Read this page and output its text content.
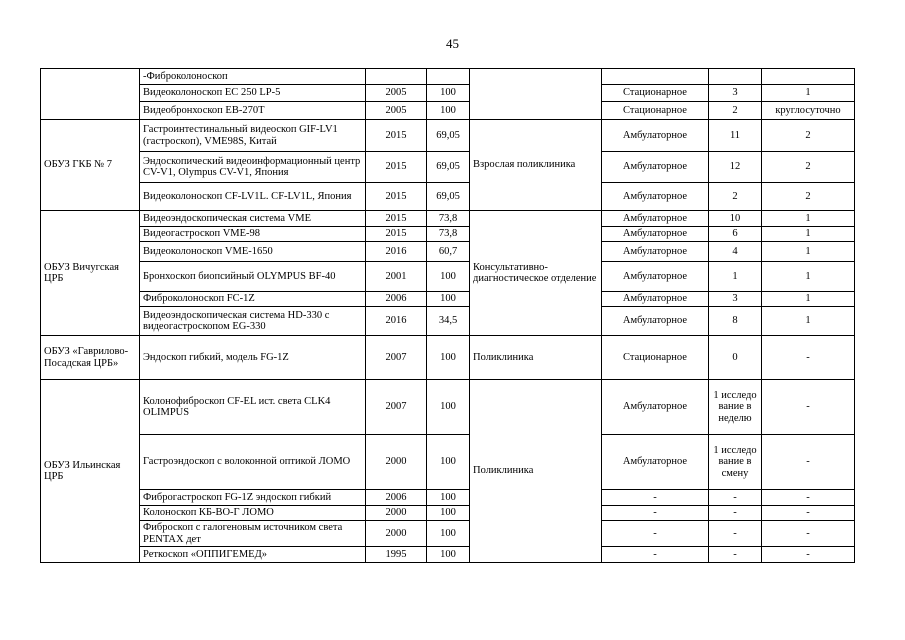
45
	-Фиброколоноскоп						
	Видеоколоноскоп EC 250 LP-5	2005	100		Стационарное	3	1
	Видеобронхоскоп EB-270T	2005	100		Стационарное	2	круглосуточно
ОБУЗ ГКБ № 7	Гастроинтестинальный видеоскоп GIF-LV1 (гастроскоп), VME98S, Китай	2015	69,05	Взрослая поликлиника	Амбулаторное	11	2
	Эндоскопический видеоинформационный центр CV-V1, Olympus CV-V1, Япония	2015	69,05		Амбулаторное	12	2
	Видеоколоноскоп CF-LV1L. CF-LV1L, Япония	2015	69,05		Амбулаторное	2	2
ОБУЗ Вичугская ЦРБ	Видеоэндоскопическая система VME	2015	73,8	Консультативно-диагностическое отделение	Амбулаторное	10	1
	Видеогастроскоп VME-98	2015	73,8		Амбулаторное	6	1
	Видеоколоноскоп VME-1650	2016	60,7		Амбулаторное	4	1
	Бронхоскоп биопсийный OLYMPUS BF-40	2001	100		Амбулаторное	1	1
	Фиброколоноскоп FC-1Z	2006	100		Амбулаторное	3	1
	Видеоэндоскопическая система HD-330 с видеогастроскопом EG-330	2016	34,5		Амбулаторное	8	1
ОБУЗ «Гаврилово-Посадская ЦРБ»	Эндоскоп гибкий, модель FG-1Z	2007	100	Поликлиника	Стационарное	0	-
ОБУЗ Ильинская ЦРБ	Колонофиброскоп CF-EL ист. света CLK4 OLIMPUS	2007	100	Поликлиника	Амбулаторное	1 исследо вание в неделю	-
	Гастроэндоскоп с волоконной оптикой ЛОМО	2000	100		Амбулаторное	1 исследо вание в смену	-
	Фиброгастроскоп FG-1Z эндоскоп гибкий	2006	100		-	-	-
	Колоноскоп КБ-ВО-Г ЛОМО	2000	100		-	-	-
	Фиброскоп с галогеновым источником света PENTAX дет	2000	100		-	-	-
	Реткоскоп «ОППИГЕМЕД»	1995	100		-	-	-
